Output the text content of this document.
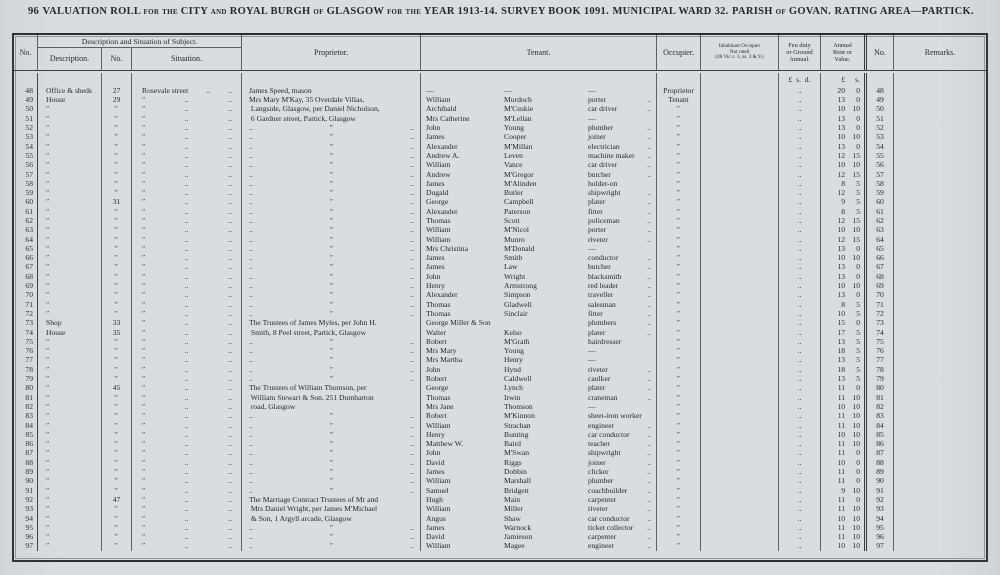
96 VALUATION ROLL for the CITY and ROYAL BURGH of GLASGOW for the YEAR 1913-14. SURVEY BOOK 1091. MUNICIPAL WARD 32. PARISH of GOVAN. RATING AREA—PARTICK.
No.
Description and Situation of Subject.
Description.	No.	Situation.
Proprietor.	Tenant.	Occupier.
Inhabitant Occupier
Not rated
(48 Vic c. 3, ss. 3 & 9.)
Feu duty
or Ground
Annual.
Annual
Rent or
Value.
No.	Remarks.
£  s.  d.	£	s.
48	Office & sheds	27	Rosevale street .. ..	James Speed, mason	—	—	—	Proprietor	..	20	0	48
49	House	29	″	..	..	Mrs Mary M'Kay, 35 Overdale Villas,	William	Murdoch	porter	..	Tenant	..	13	0	49
50	″	″	″	..	..	Langside, Glasgow, per Daniel Nicholson,	Archibald	M'Cuskie	car driver	..	″	..	10 10	50
51	″	″	″	..	..	6 Gardner street, Partick, Glasgow	Mrs Catherine	M'Lellan	—	″	..	13	0	51
52	″	″	″	..	.. ..	″	.. John	Young	plumber	..	″	..	13	0	52
53	″	″	″	..	.. ..	″	.. James	Cooper	joiner	..	″	..	10 10	53
54	″	″	″	..	.. ..	″	.. Alexander	M'Millan	electrician	..	″	..	13	0	54
55	″	″	″	..	.. ..	″	.. Andrew A.	Leven	machine maker ..	″	..	12 15	55
56	″	″	″	..	.. ..	″	.. William	Vance	car driver	..	″	..	10 10	56
57	″	″	″	..	.. ..	″	.. Andrew	M'Gregor	butcher	..	″	..	12 15	57
58	″	″	″	..	.. ..	″	.. James	M'Alinden	holder-on	″	..	8	5	58
59	″	″	″	..	.. ..	″	.. Dugald	Butler	shipwright	..	″	..	12	5	59
60	″	31	″	..	.. ..	″	.. George	Campbell	plater	..	″	..	9	5	60
61	″	″	″	..	.. ..	″	.. Alexander	Paterson	fitter	..	″	..	8	5	61
62	″	″	″	..	.. ..	″	.. Thomas	Scott	policeman	..	″	..	12 15	62
63	″	″	″	..	.. ..	″	.. William	M'Nicol	porter	..	″	..	10 10	63
64	″	″	″	..	.. ..	″	.. William	Munro	riveter	..	″	..	12 15	64
65	″	″	″	..	.. ..	″	.. Mrs Christina	M'Donald	—	″	..	13	0	65
66	″	″	″	..	.. ..	″	.. James	Smith	conductor	..	″	..	10 10	66
67	″	″	″	..	.. ..	″	.. James	Law	butcher	..	″	..	13	0	67
68	″	″	″	..	.. ..	″	.. John	Wright	blacksmith	..	″	..	13	0	68
69	″	″	″	..	.. ..	″	.. Henry	Armstrong	red leader	..	″	..	10 10	69
70	″	″	″	..	.. ..	″	.. Alexander	Simpson	traveller	..	″	..	13	0	70
71	″	″	″	..	.. ..	″	.. Thomas	Gladwell	salesman	..	″	..	8	5	71
72	″	″	″	..	.. ..	″	.. Thomas	Sinclair	fitter	..	″	..	10	5	72
73	Shop	33	″	..	..	The Trustees of James Myles, per John H.	George Miller & Son	plumbers	..	″	..	15	0	73
74	House	35	″	..	..	Smith, 8 Peel street, Partick, Glasgow	Walter	Kelso	plater	..	″	..	17	5	74
75	″	″	″	..	.. ..	″	.. Robert	M'Grath	hairdresser	″	..	13	5	75
76	″	″	″	..	.. ..	″	.. Mrs Mary	Young	—	″	..	18	5	76
77	″	″	″	..	.. ..	″	.. Mrs Martha	Henry	—	″	..	13	5	77
78	″	″	″	..	.. ..	″	.. John	Hynd	riveter	..	″	..	18	5	78
79	″	″	″	..	.. ..	″	.. Robert	Caldwell	caulker	..	″	..	13	5	79
80	″	45	″	..	..	The Trustees of William Thomson, per	George	Lynch	plater	..	″	..	11	0	80
81	″	″	″	..	..	William Stewart & Son, 251 Dumbarton	Thomas	Irwin	craneman	..	″	..	11 10	81
82	″	″	″	..	..	road, Glasgow	Mrs Jane	Thomson	—	″	..	10 10	82
83	″	″	″	..	.. ..	″	.. Robert	M'Kinnon	sheet-iron worker	″	..	11 10	83
84	″	″	″	..	.. ..	″	.. William	Strachan	engineer	..	″	..	11 10	84
85	″	″	″	..	.. ..	″	.. Henry	Bunting	car conductor ..	″	..	10 10	85
86	″	″	″	..	.. ..	″	.. Matthew W.	Baird	teacher	..	″	..	11 10	86
87	″	″	″	..	.. ..	″	.. John	M'Swan	shipwright	..	″	..	11	0	87
88	″	″	″	..	.. ..	″	.. David	Riggs	joiner	..	″	..	10	0	88
89	″	″	″	..	.. ..	″	.. James	Dobbin	clicker	..	″	..	11	0	89
90	″	″	″	..	.. ..	″	.. William	Marshall	plumber	..	″	..	11	0	90
91	″	″	″	..	.. ..	″	.. Samuel	Bridgett	coachbuilder	..	″	..	9 10	91
92	″	47	″	..	..	The Marriage Contract Trustees of Mr and	Hugh	Main	carpenter	..	″	..	11	0	92
93	″	″	″	..	..	Mrs Daniel Wright, per James M'Michael	William	Miller	riveter	..	″	..	11 10	93
94	″	″	″	..	..	& Son, 1 Argyll arcade, Glasgow	Angus	Shaw	car conductor ..	″	..	10 10	94
95	″	″	″	..	.. ..	″	.. James	Warnock	ticket collector ..	″	..	11 10	95
96	″	″	″	..	.. ..	″	.. David	Jamieson	carpenter	..	″	..	11 10	96
97	″	″	″	..	.. ..	″	.. William	Magee	engineer	..	″	..	10 10	97
